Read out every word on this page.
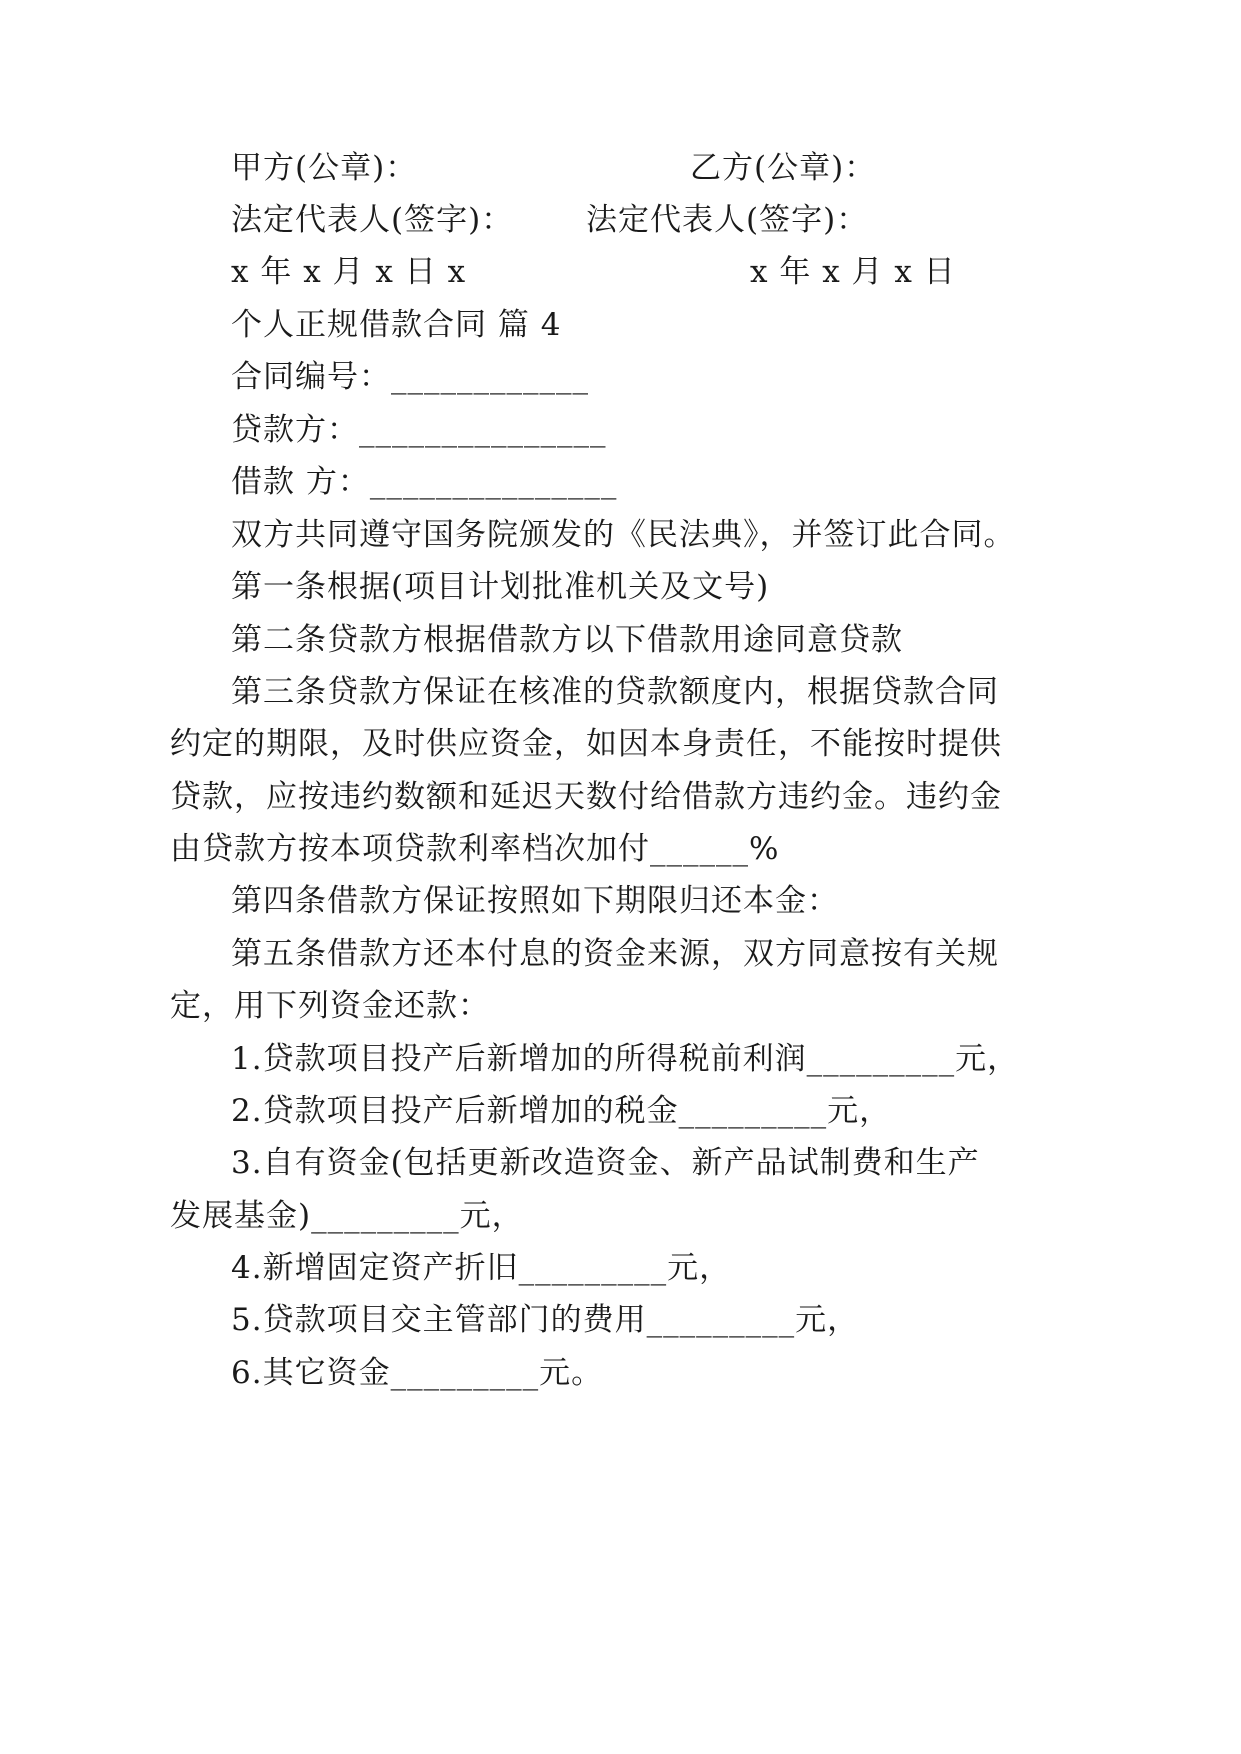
甲方(公章)：	乙方(公章)：
法定代表人(签字)： 法定代表人(签字)：
x 年 x 月 x 日 x	x 年 x 月 x 日
个人正规借款合同 篇 4
合同编号：____________
贷款方：_______________
借款 方：_______________
双方共同遵守国务院颁发的《民法典》，并签订此合同。
第一条根据(项目计划批准机关及文号)
第二条贷款方根据借款方以下借款用途同意贷款
第三条贷款方保证在核准的贷款额度内，根据贷款合同
约定的期限，及时供应资金，如因本身责任，不能按时提供
贷款，应按违约数额和延迟天数付给借款方违约金。违约金
由贷款方按本项贷款利率档次加付______%
第四条借款方保证按照如下期限归还本金：
第五条借款方还本付息的资金来源，双方同意按有关规
定，用下列资金还款：
1.贷款项目投产后新增加的所得税前利润_________元，
2.贷款项目投产后新增加的税金_________元，
3.自有资金(包括更新改造资金、新产品试制费和生产
发展基金)_________元，
4.新增固定资产折旧_________元，
5.贷款项目交主管部门的费用_________元，
6.其它资金_________元。
